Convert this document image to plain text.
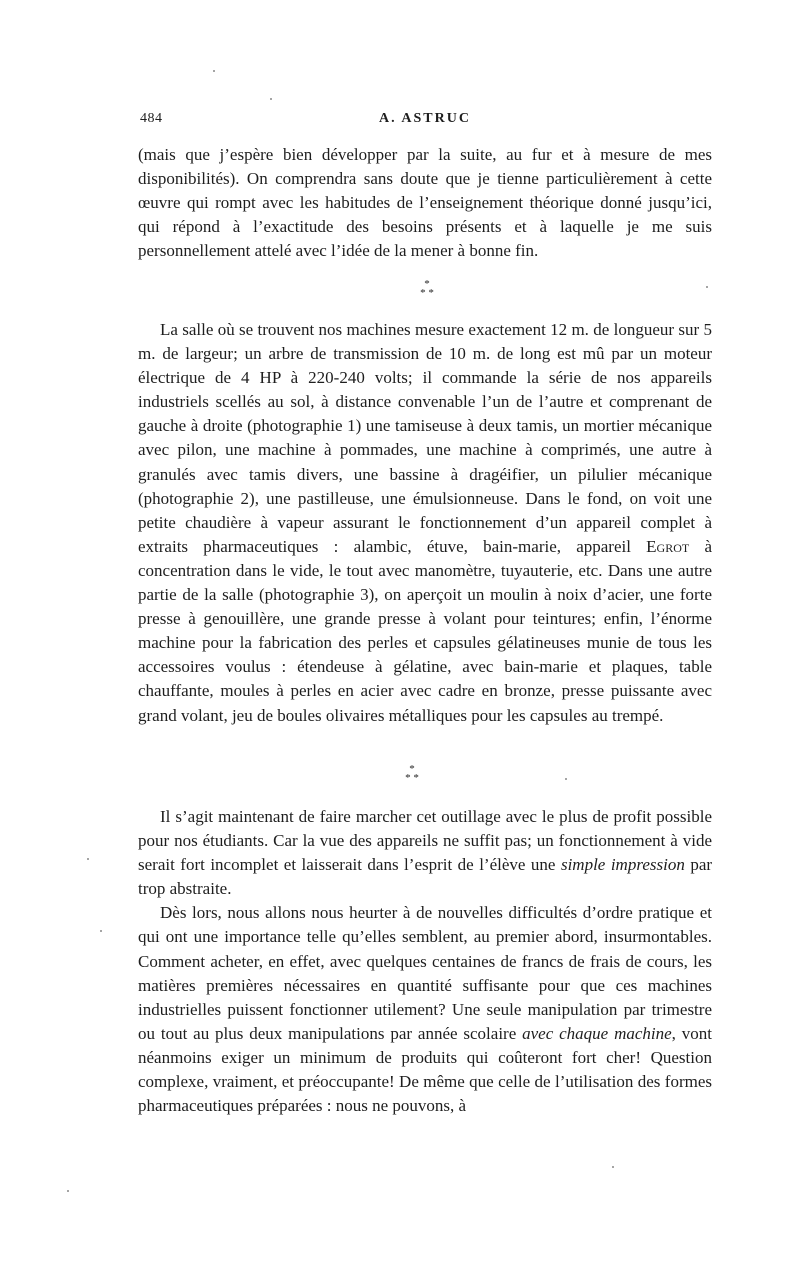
484	A. ASTRUC

(mais que j’espère bien développer par la suite, au fur et à mesure de mes disponibilités). On comprendra sans doute que je tienne particulièrement à cette œuvre qui rompt avec les habitudes de l’enseignement théorique donné jusqu’ici, qui répond à l’exactitude des besoins présents et à laquelle je me suis personnellement attelé avec l’idée de la mener à bonne fin.

*
* *

La salle où se trouvent nos machines mesure exactement 12 m. de longueur sur 5 m. de largeur; un arbre de transmission de 10 m. de long est mû par un moteur électrique de 4 HP à 220-240 volts; il commande la série de nos appareils industriels scellés au sol, à distance convenable l’un de l’autre et comprenant de gauche à droite (photographie 1) une tamiseuse à deux tamis, un mortier mécanique avec pilon, une machine à pommades, une machine à comprimés, une autre à granulés avec tamis divers, une bassine à dragéifier, un pilulier mécanique (photographie 2), une pastilleuse, une émulsionneuse. Dans le fond, on voit une petite chaudière à vapeur assurant le fonctionnement d’un appareil complet à extraits pharmaceutiques : alambic, étuve, bain-marie, appareil Egrot à concentration dans le vide, le tout avec manomètre, tuyauterie, etc. Dans une autre partie de la salle (photographie 3), on aperçoit un moulin à noix d’acier, une forte presse à genouillère, une grande presse à volant pour teintures; enfin, l’énorme machine pour la fabrication des perles et capsules gélatineuses munie de tous les accessoires voulus : étendeuse à gélatine, avec bain-marie et plaques, table chauffante, moules à perles en acier avec cadre en bronze, presse puissante avec grand volant, jeu de boules olivaires métalliques pour les capsules au trempé.

*
* *

Il s’agit maintenant de faire marcher cet outillage avec le plus de profit possible pour nos étudiants. Car la vue des appareils ne suffit pas; un fonctionnement à vide serait fort incomplet et laisserait dans l’esprit de l’élève une simple impression par trop abstraite.

Dès lors, nous allons nous heurter à de nouvelles difficultés d’ordre pratique et qui ont une importance telle qu’elles semblent, au premier abord, insurmontables. Comment acheter, en effet, avec quelques centaines de francs de frais de cours, les matières premières nécessaires en quantité suffisante pour que ces machines industrielles puissent fonctionner utilement? Une seule manipulation par trimestre ou tout au plus deux manipulations par année scolaire avec chaque machine, vont néanmoins exiger un minimum de produits qui coûteront fort cher! Question complexe, vraiment, et préoccupante! De même que celle de l’utilisation des formes pharmaceutiques préparées : nous ne pouvons, à
